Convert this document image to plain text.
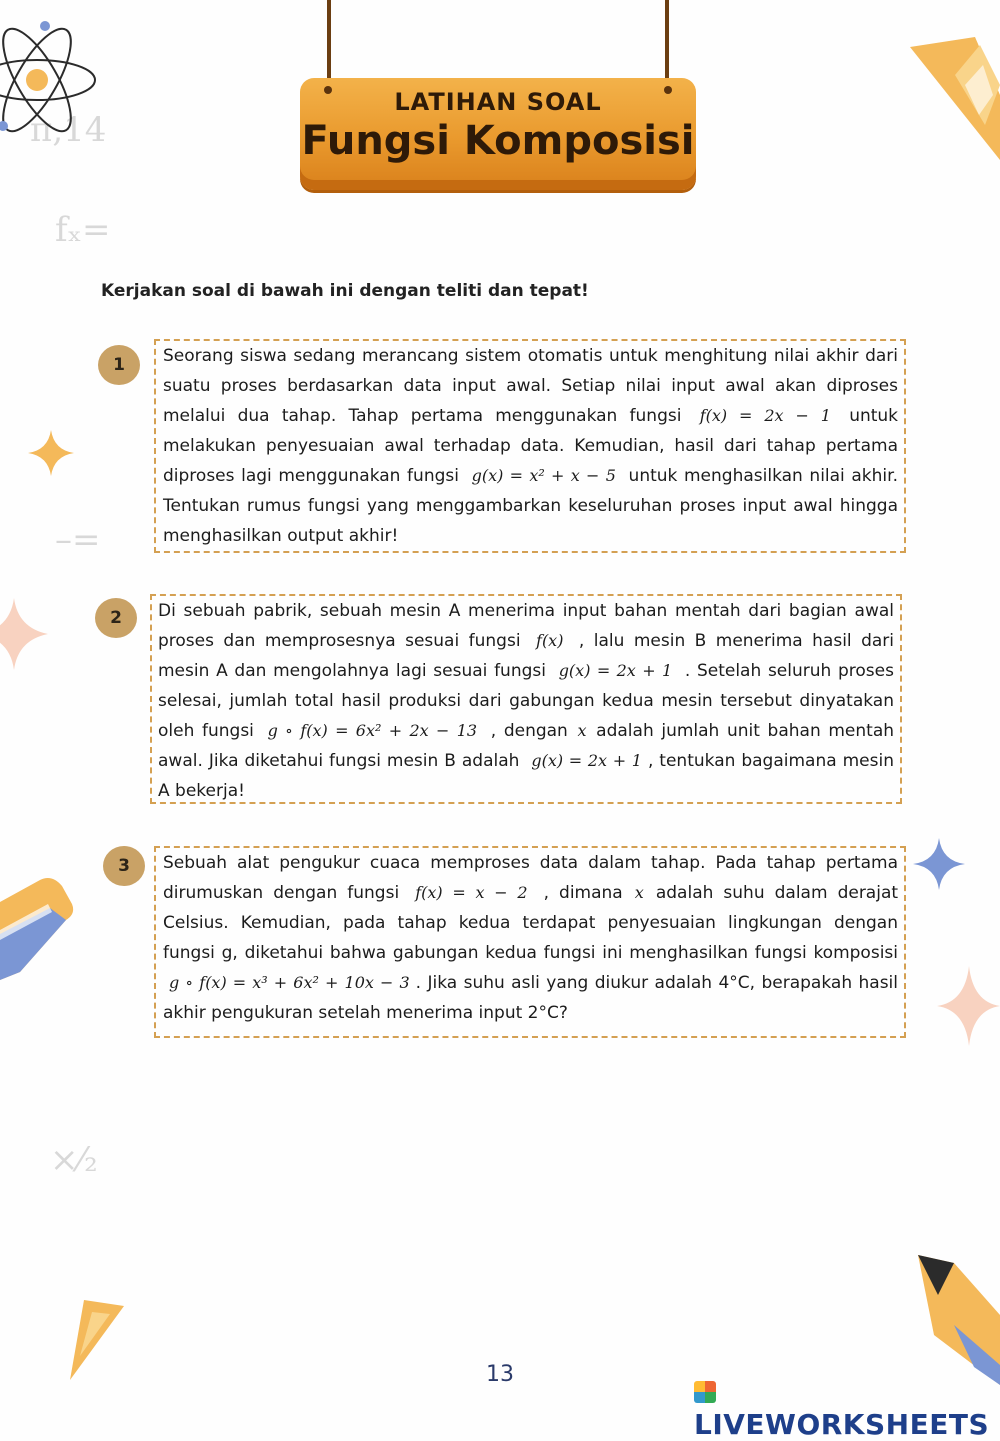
π,14
fₓ=
–=
×⁄₂
LATIHAN SOAL
Fungsi Komposisi
Kerjakan soal di bawah ini dengan teliti dan tepat!
1	Seorang siswa sedang merancang sistem otomatis untuk menghitung nilai akhir dari suatu proses berdasarkan data input awal. Setiap nilai input awal akan diproses melalui dua tahap. Tahap pertama menggunakan fungsi f(x) = 2x − 1 untuk melakukan penyesuaian awal terhadap data. Kemudian, hasil dari tahap pertama diproses lagi menggunakan fungsi g(x) = x² + x − 5 untuk menghasilkan nilai akhir. Tentukan rumus fungsi yang menggambarkan keseluruhan proses input awal hingga menghasilkan output akhir!
2	Di sebuah pabrik, sebuah mesin A menerima input bahan mentah dari bagian awal proses dan memprosesnya sesuai fungsi f(x) , lalu mesin B menerima hasil dari mesin A dan mengolahnya lagi sesuai fungsi g(x) = 2x + 1 . Setelah seluruh proses selesai, jumlah total hasil produksi dari gabungan kedua mesin tersebut dinyatakan oleh fungsi g ∘ f(x) = 6x² + 2x − 13 , dengan x adalah jumlah unit bahan mentah awal. Jika diketahui fungsi mesin B adalah g(x) = 2x + 1 , tentukan bagaimana mesin A bekerja!
3	Sebuah alat pengukur cuaca memproses data dalam tahap. Pada tahap pertama dirumuskan dengan fungsi f(x) = x − 2 , dimana x adalah suhu dalam derajat Celsius. Kemudian, pada tahap kedua terdapat penyesuaian lingkungan dengan fungsi g, diketahui bahwa gabungan kedua fungsi ini menghasilkan fungsi komposisi g ∘ f(x) = x³ + 6x² + 10x − 3 . Jika suhu asli yang diukur adalah 4°C, berapakah hasil akhir pengukuran setelah menerima input 2°C?
13
LIVEWORKSHEETS
